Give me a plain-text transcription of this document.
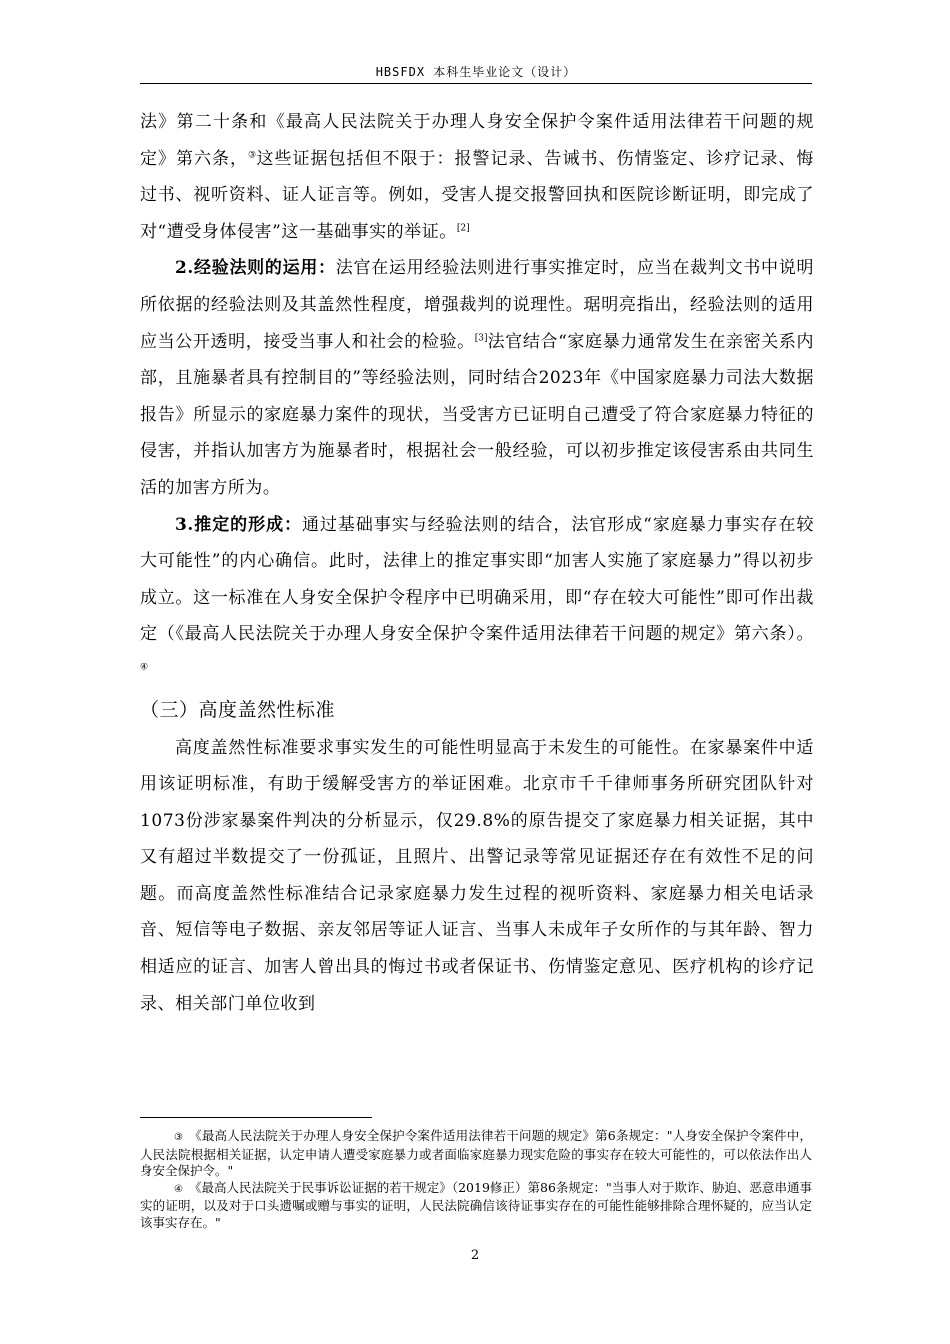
HBSFDX 本科生毕业论文（设计）

法》第二十条和《最高人民法院关于办理人身安全保护令案件适用法律若干问题的规定》第六条，③这些证据包括但不限于：报警记录、告诫书、伤情鉴定、诊疗记录、悔过书、视听资料、证人证言等。例如，受害人提交报警回执和医院诊断证明，即完成了对“遭受身体侵害”这一基础事实的举证。[2]

2.经验法则的运用：法官在运用经验法则进行事实推定时，应当在裁判文书中说明所依据的经验法则及其盖然性程度，增强裁判的说理性。琚明亮指出，经验法则的适用应当公开透明，接受当事人和社会的检验。[3]法官结合“家庭暴力通常发生在亲密关系内部，且施暴者具有控制目的”等经验法则，同时结合2023年《中国家庭暴力司法大数据报告》所显示的家庭暴力案件的现状，当受害方已证明自己遭受了符合家庭暴力特征的侵害，并指认加害方为施暴者时，根据社会一般经验，可以初步推定该侵害系由共同生活的加害方所为。

3.推定的形成：通过基础事实与经验法则的结合，法官形成“家庭暴力事实存在较大可能性”的内心确信。此时，法律上的推定事实即“加害人实施了家庭暴力”得以初步成立。这一标准在人身安全保护令程序中已明确采用，即“存在较大可能性”即可作出裁定（《最高人民法院关于办理人身安全保护令案件适用法律若干问题的规定》第六条）。④

（三）高度盖然性标准

高度盖然性标准要求事实发生的可能性明显高于未发生的可能性。在家暴案件中适用该证明标准，有助于缓解受害方的举证困难。北京市千千律师事务所研究团队针对1073份涉家暴案件判决的分析显示，仅29.8%的原告提交了家庭暴力相关证据，其中又有超过半数提交了一份孤证，且照片、出警记录等常见证据还存在有效性不足的问题。而高度盖然性标准结合记录家庭暴力发生过程的视听资料、家庭暴力相关电话录音、短信等电子数据、亲友邻居等证人证言、当事人未成年子女所作的与其年龄、智力相适应的证言、加害人曾出具的悔过书或者保证书、伤情鉴定意见、医疗机构的诊疗记录、相关部门单位收到

③ 《最高人民法院关于办理人身安全保护令案件适用法律若干问题的规定》第6条规定："人身安全保护令案件中，人民法院根据相关证据，认定申请人遭受家庭暴力或者面临家庭暴力现实危险的事实存在较大可能性的，可以依法作出人身安全保护令。"

④ 《最高人民法院关于民事诉讼证据的若干规定》（2019修正）第86条规定："当事人对于欺诈、胁迫、恶意串通事实的证明，以及对于口头遗嘱或赠与事实的证明，人民法院确信该待证事实存在的可能性能够排除合理怀疑的，应当认定该事实存在。"

2
